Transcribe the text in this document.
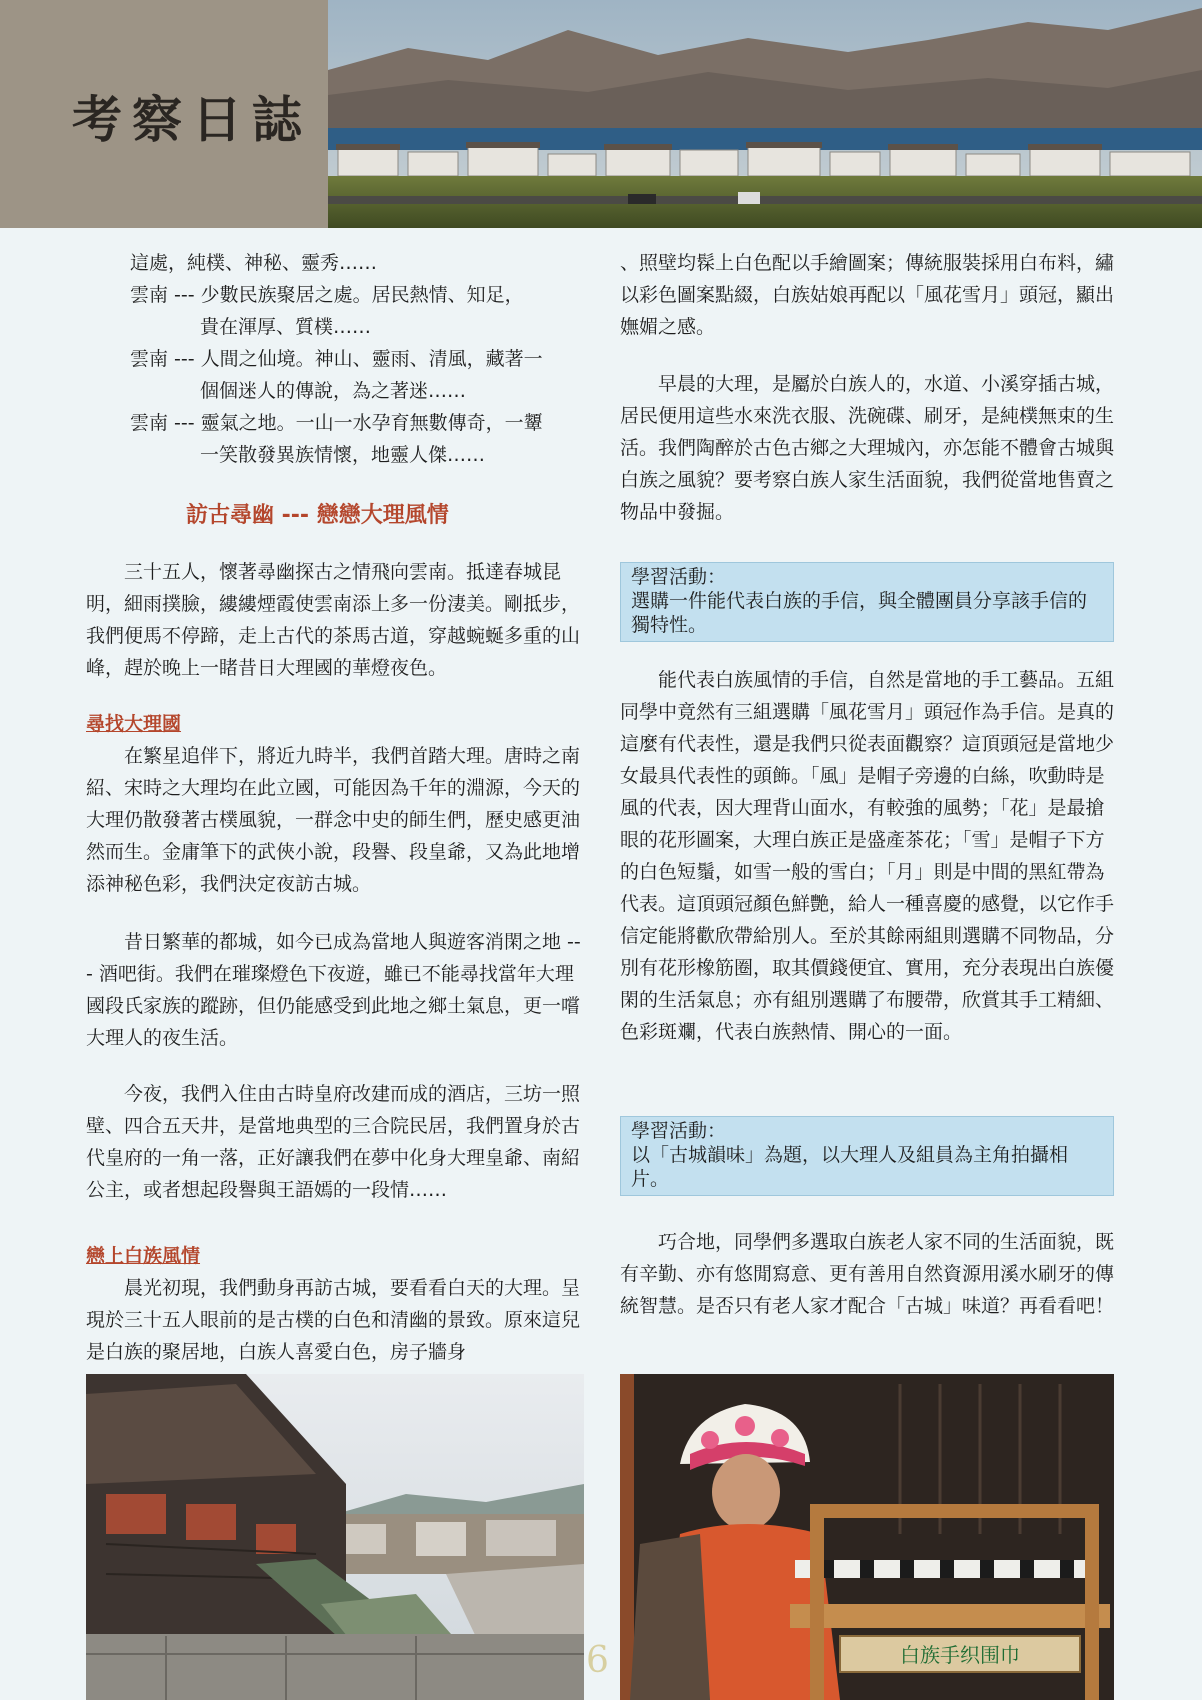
考察日誌
這處，純樸、神秘、靈秀……
雲南 --- 少數民族聚居之處。居民熱情、知足，
貴在渾厚、質樸……
雲南 --- 人間之仙境。神山、靈雨、清風，藏著一
個個迷人的傳說，為之著迷……
雲南 --- 靈氣之地。一山一水孕育無數傳奇，一顰
一笑散發異族情懷，地靈人傑……
訪古尋幽 --- 戀戀大理風情

三十五人，懷著尋幽探古之情飛向雲南。抵達春城昆明，細雨撲臉，縷縷煙霞使雲南添上多一份淒美。剛抵步，我們便馬不停蹄，走上古代的茶馬古道，穿越蜿蜒多重的山峰，趕於晚上一睹昔日大理國的華燈夜色。

尋找大理國

在繁星追伴下，將近九時半，我們首踏大理。唐時之南紹、宋時之大理均在此立國，可能因為千年的淵源，今天的大理仍散發著古樸風貌，一群念中史的師生們，歷史感更油然而生。金庸筆下的武俠小說，段譽、段皇爺，又為此地增添神秘色彩，我們決定夜訪古城。

昔日繁華的都城，如今已成為當地人與遊客消閑之地 --- 酒吧街。我們在璀璨燈色下夜遊，雖已不能尋找當年大理國段氏家族的蹤跡，但仍能感受到此地之鄉土氣息，更一嚐大理人的夜生活。

今夜，我們入住由古時皇府改建而成的酒店，三坊一照壁、四合五天井，是當地典型的三合院民居，我們置身於古代皇府的一角一落，正好讓我們在夢中化身大理皇爺、南紹公主，或者想起段譽與王語嫣的一段情……

戀上白族風情

晨光初現，我們動身再訪古城，要看看白天的大理。呈現於三十五人眼前的是古樸的白色和清幽的景致。原來這兒是白族的聚居地，白族人喜愛白色，房子牆身

、照壁均髹上白色配以手繪圖案；傳統服裝採用白布料，繡以彩色圖案點綴，白族姑娘再配以「風花雪月」頭冠，顯出嫵媚之感。

早晨的大理，是屬於白族人的，水道、小溪穿插古城，居民便用這些水來洗衣服、洗碗碟、刷牙，是純樸無束的生活。我們陶醉於古色古鄉之大理城內，亦怎能不體會古城與白族之風貌？要考察白族人家生活面貌，我們從當地售賣之物品中發掘。

學習活動：
選購一件能代表白族的手信，與全體團員分享該手信的獨特性。

能代表白族風情的手信，自然是當地的手工藝品。五組同學中竟然有三組選購「風花雪月」頭冠作為手信。是真的這麼有代表性，還是我們只從表面觀察？這頂頭冠是當地少女最具代表性的頭飾。「風」是帽子旁邊的白絲，吹動時是風的代表，因大理背山面水，有較強的風勢；「花」是最搶眼的花形圖案，大理白族正是盛產茶花；「雪」是帽子下方的白色短鬚，如雪一般的雪白；「月」則是中間的黑紅帶為代表。這頂頭冠顏色鮮艷，給人一種喜慶的感覺，以它作手信定能將歡欣帶給別人。至於其餘兩組則選購不同物品，分別有花形橡筋圈，取其價錢便宜、實用，充分表現出白族優閑的生活氣息；亦有組別選購了布腰帶，欣賞其手工精細、色彩斑斕，代表白族熱情、開心的一面。

學習活動：
以「古城韻味」為題，以大理人及組員為主角拍攝相片。

巧合地，同學們多選取白族老人家不同的生活面貌，既有辛勤、亦有悠閒寫意、更有善用自然資源用溪水刷牙的傳統智慧。是否只有老人家才配合「古城」味道？再看看吧！

白族手织围巾
6
